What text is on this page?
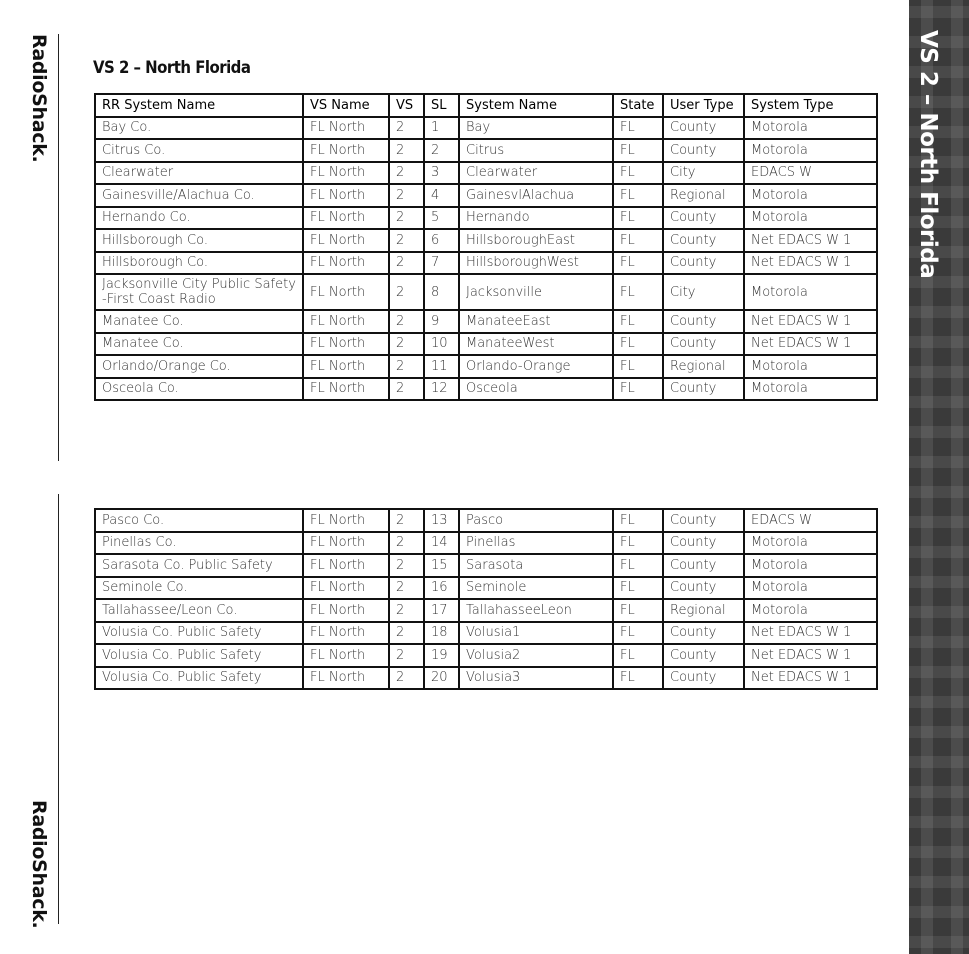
RadioShack.
RadioShack.
VS 2 – North Florida
RR System Name	VS Name	VS	SL	System Name	State	User Type	System Type
Bay Co.	FL North	2	1	Bay	FL	County	Motorola
Citrus Co.	FL North	2	2	Citrus	FL	County	Motorola
Clearwater	FL North	2	3	Clearwater	FL	City	EDACS W
Gainesville/Alachua Co.	FL North	2	4	GainesvlAlachua	FL	Regional	Motorola
Hernando Co.	FL North	2	5	Hernando	FL	County	Motorola
Hillsborough Co.	FL North	2	6	HillsboroughEast	FL	County	Net EDACS W 1
Hillsborough Co.	FL North	2	7	HillsboroughWest	FL	County	Net EDACS W 1
Jacksonville City Public Safety -First Coast Radio	FL North	2	8	Jacksonville	FL	City	Motorola
Manatee Co.	FL North	2	9	ManateeEast	FL	County	Net EDACS W 1
Manatee Co.	FL North	2	10	ManateeWest	FL	County	Net EDACS W 1
Orlando/Orange Co.	FL North	2	11	Orlando-Orange	FL	Regional	Motorola
Osceola Co.	FL North	2	12	Osceola	FL	County	Motorola
Pasco Co.	FL North	2	13	Pasco	FL	County	EDACS W
Pinellas Co.	FL North	2	14	Pinellas	FL	County	Motorola
Sarasota Co. Public Safety	FL North	2	15	Sarasota	FL	County	Motorola
Seminole Co.	FL North	2	16	Seminole	FL	County	Motorola
Tallahassee/Leon Co.	FL North	2	17	TallahasseeLeon	FL	Regional	Motorola
Volusia Co. Public Safety	FL North	2	18	Volusia1	FL	County	Net EDACS W 1
Volusia Co. Public Safety	FL North	2	19	Volusia2	FL	County	Net EDACS W 1
Volusia Co. Public Safety	FL North	2	20	Volusia3	FL	County	Net EDACS W 1
VS 2 – North Florida
